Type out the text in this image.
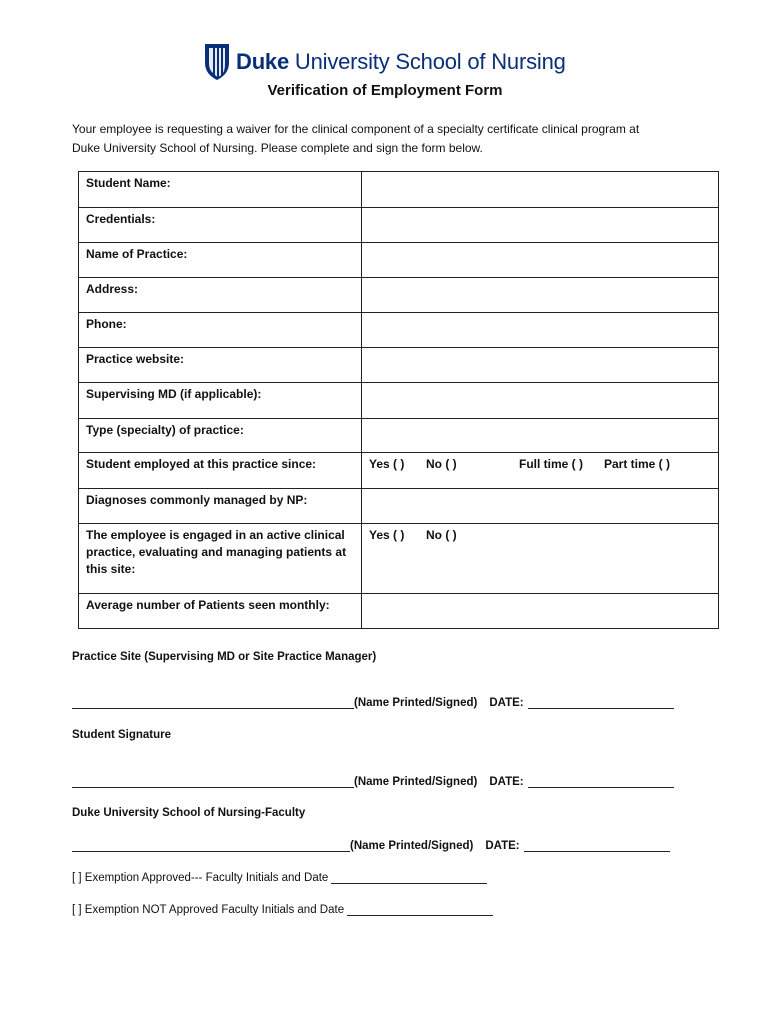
Duke University School of Nursing
Verification of Employment Form

Your employee is requesting a waiver for the clinical component of a specialty certificate clinical program at

Duke University School of Nursing. Please complete and sign the form below.

Student Name:	
Credentials:	
Name of Practice:	
Address:	
Phone:	
Practice website:	
Supervising MD (if applicable):	
Type (specialty) of practice:	
Student employed at this practice since:	Yes ( ) No ( ) Full time ( ) Part time ( )
Diagnoses commonly managed by NP:	

The employee is engaged in an active clinical
practice, evaluating and managing patients at
this site:	Yes ( ) No ( )
Average number of Patients seen monthly:	
Practice Site (Supervising MD or Site Practice Manager)
(Name Printed/Signed) DATE:
Student Signature
(Name Printed/Signed) DATE:
Duke University School of Nursing-Faculty
(Name Printed/Signed) DATE:
[ ] Exemption Approved--- Faculty Initials and Date
[ ] Exemption NOT Approved Faculty Initials and Date
